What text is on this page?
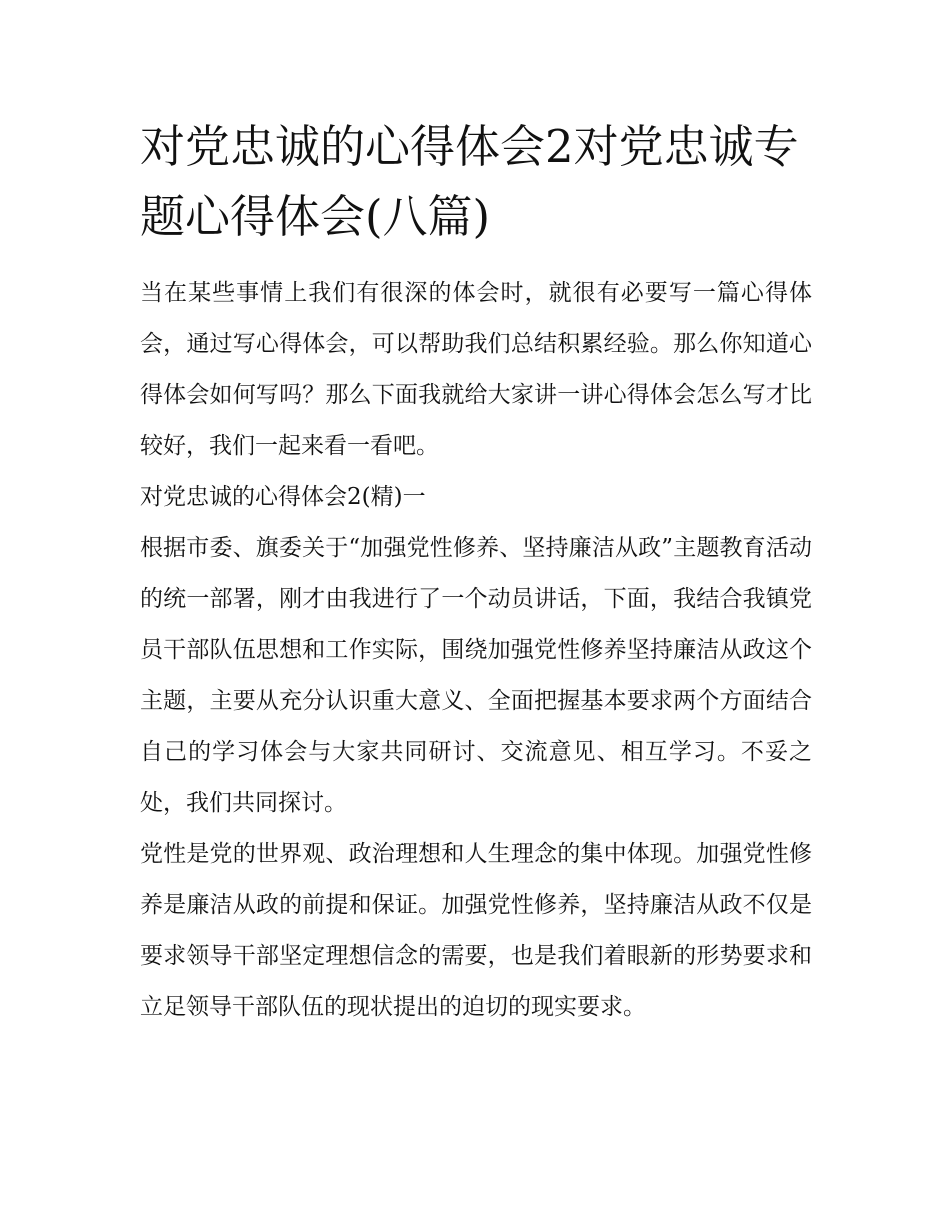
对党忠诚的心得体会2对党忠诚专题心得体会(八篇)

当在某些事情上我们有很深的体会时，就很有必要写一篇心得体会，通过写心得体会，可以帮助我们总结积累经验。那么你知道心得体会如何写吗？那么下面我就给大家讲一讲心得体会怎么写才比较好，我们一起来看一看吧。

对党忠诚的心得体会2(精)一

根据市委、旗委关于“加强党性修养、坚持廉洁从政”主题教育活动的统一部署，刚才由我进行了一个动员讲话，下面，我结合我镇党员干部队伍思想和工作实际，围绕加强党性修养坚持廉洁从政这个主题，主要从充分认识重大意义、全面把握基本要求两个方面结合自己的学习体会与大家共同研讨、交流意见、相互学习。不妥之处，我们共同探讨。

党性是党的世界观、政治理想和人生理念的集中体现。加强党性修养是廉洁从政的前提和保证。加强党性修养，坚持廉洁从政不仅是要求领导干部坚定理想信念的需要，也是我们着眼新的形势要求和立足领导干部队伍的现状提出的迫切的现实要求。
